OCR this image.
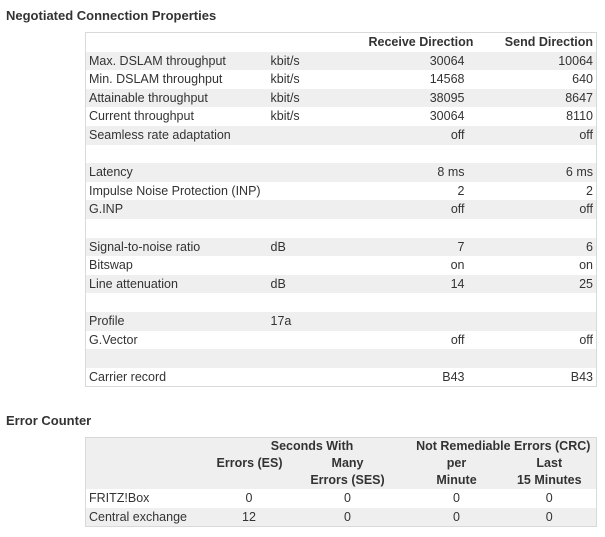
Negotiated Connection Properties
		Receive Direction	Send Direction
Max. DSLAM throughput	kbit/s	30064	10064
Min. DSLAM throughput	kbit/s	14568	640
Attainable throughput	kbit/s	38095	8647
Current throughput	kbit/s	30064	8110
Seamless rate adaptation		off	off

Latency		8 ms	6 ms
Impulse Noise Protection (INP)		2	2
G.INP		off	off

Signal-to-noise ratio	dB	7	6
Bitswap		on	on
Line attenuation	dB	14	25

Profile	17a		
G.Vector		off	off

Carrier record		B43	B43
Error Counter
	Seconds With		Not Remediable Errors (CRC)	
	Errors (ES)	Many	per	Last
		Errors (SES)	Minute	15 Minutes
FRITZ!Box	0	0	0	0
Central exchange	12	0	0	0
